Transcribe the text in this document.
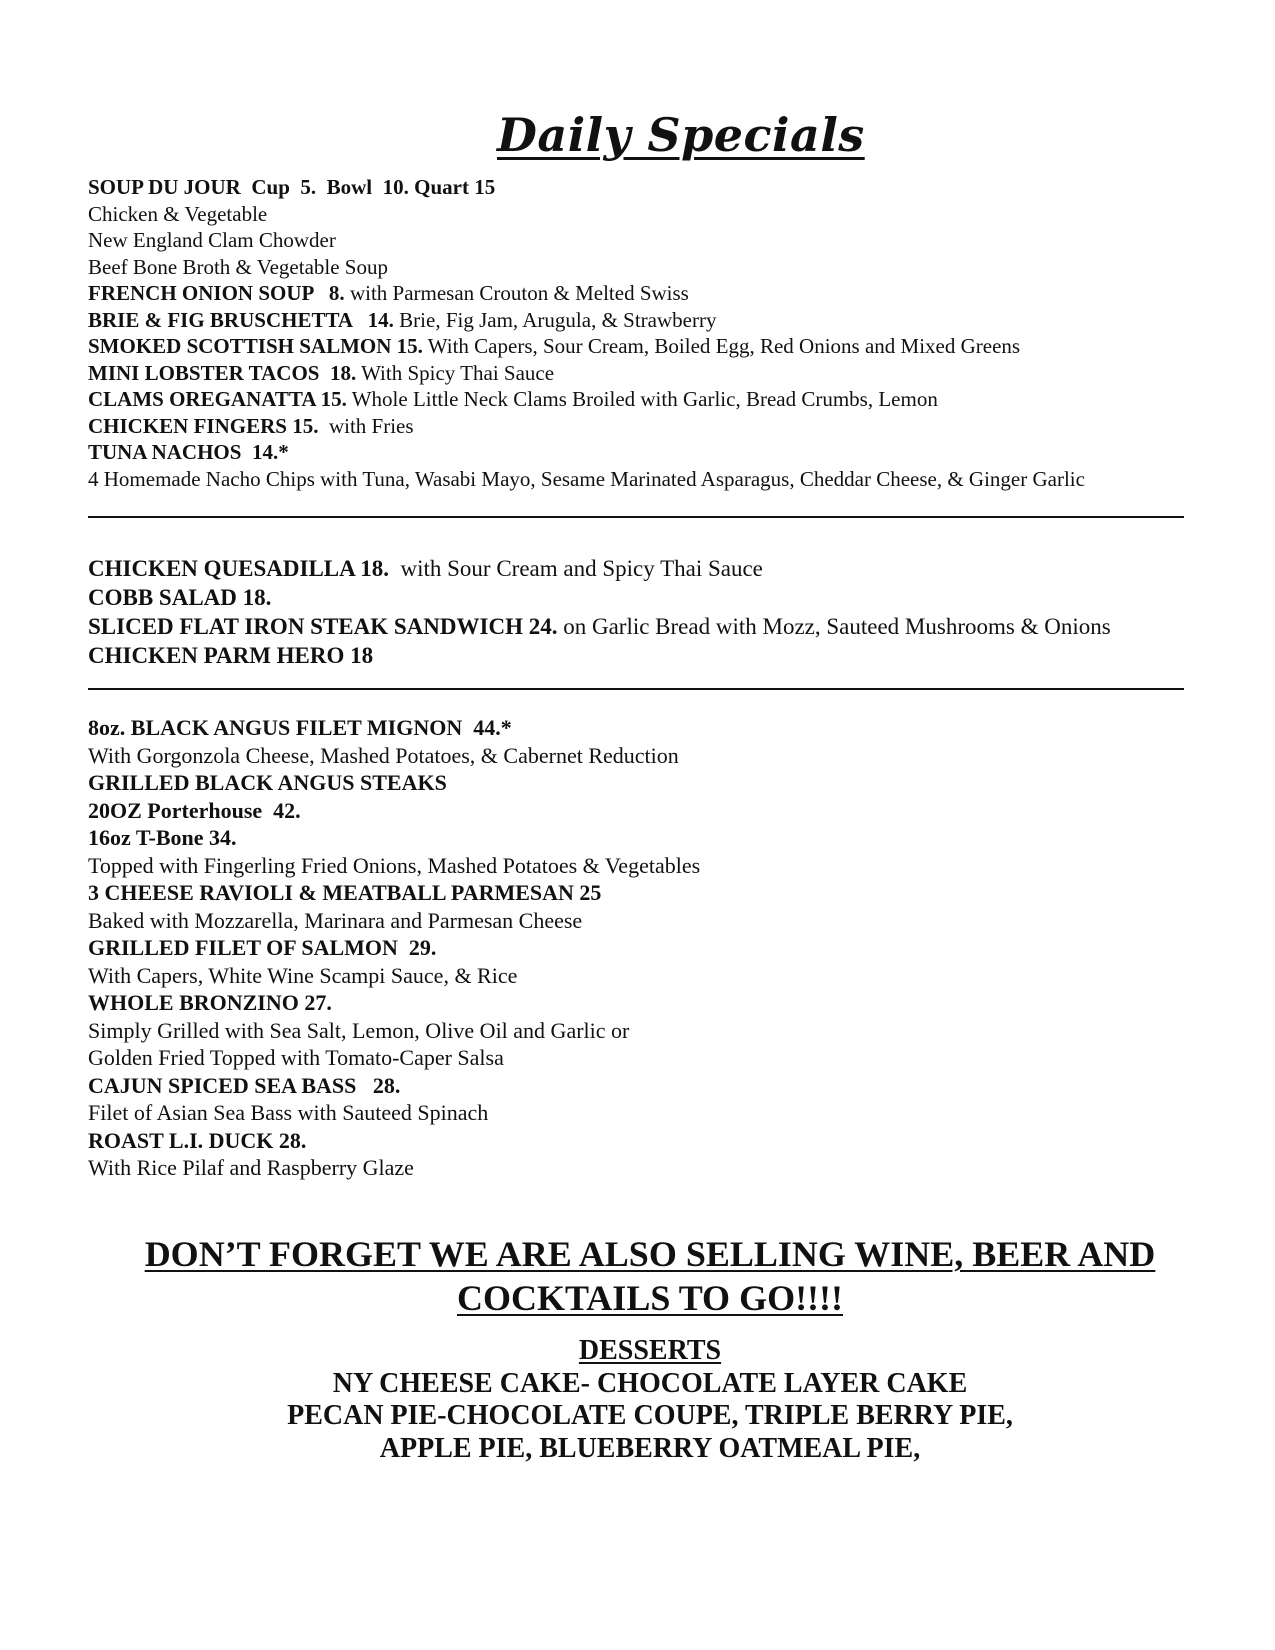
Daily Specials
SOUP DU JOUR  Cup  5.  Bowl  10. Quart 15
Chicken & Vegetable
New England Clam Chowder
Beef Bone Broth & Vegetable Soup
FRENCH ONION SOUP   8. with Parmesan Crouton & Melted Swiss
BRIE & FIG BRUSCHETTA   14. Brie, Fig Jam, Arugula, & Strawberry
SMOKED SCOTTISH SALMON 15. With Capers, Sour Cream, Boiled Egg, Red Onions and Mixed Greens
MINI LOBSTER TACOS  18. With Spicy Thai Sauce
CLAMS OREGANATTA 15. Whole Little Neck Clams Broiled with Garlic, Bread Crumbs, Lemon
CHICKEN FINGERS 15.  with Fries
TUNA NACHOS  14.*
4 Homemade Nacho Chips with Tuna, Wasabi Mayo, Sesame Marinated Asparagus, Cheddar Cheese, & Ginger Garlic
CHICKEN QUESADILLA 18.  with Sour Cream and Spicy Thai Sauce
COBB SALAD 18.
SLICED FLAT IRON STEAK SANDWICH 24. on Garlic Bread with Mozz, Sauteed Mushrooms & Onions
CHICKEN PARM HERO 18
8oz. BLACK ANGUS FILET MIGNON  44.*
With Gorgonzola Cheese, Mashed Potatoes, & Cabernet Reduction
GRILLED BLACK ANGUS STEAKS
20OZ Porterhouse  42.
16oz T-Bone 34.
Topped with Fingerling Fried Onions, Mashed Potatoes & Vegetables
3 CHEESE RAVIOLI & MEATBALL PARMESAN 25
Baked with Mozzarella, Marinara and Parmesan Cheese
GRILLED FILET OF SALMON  29.
With Capers, White Wine Scampi Sauce, & Rice
WHOLE BRONZINO 27.
Simply Grilled with Sea Salt, Lemon, Olive Oil and Garlic or
Golden Fried Topped with Tomato-Caper Salsa
CAJUN SPICED SEA BASS   28.
Filet of Asian Sea Bass with Sauteed Spinach
ROAST L.I. DUCK 28.
With Rice Pilaf and Raspberry Glaze
DON’T FORGET WE ARE ALSO SELLING WINE, BEER AND
COCKTAILS TO GO!!!!
DESSERTS
NY CHEESE CAKE- CHOCOLATE LAYER CAKE
PECAN PIE-CHOCOLATE COUPE, TRIPLE BERRY PIE,
APPLE PIE, BLUEBERRY OATMEAL PIE,
